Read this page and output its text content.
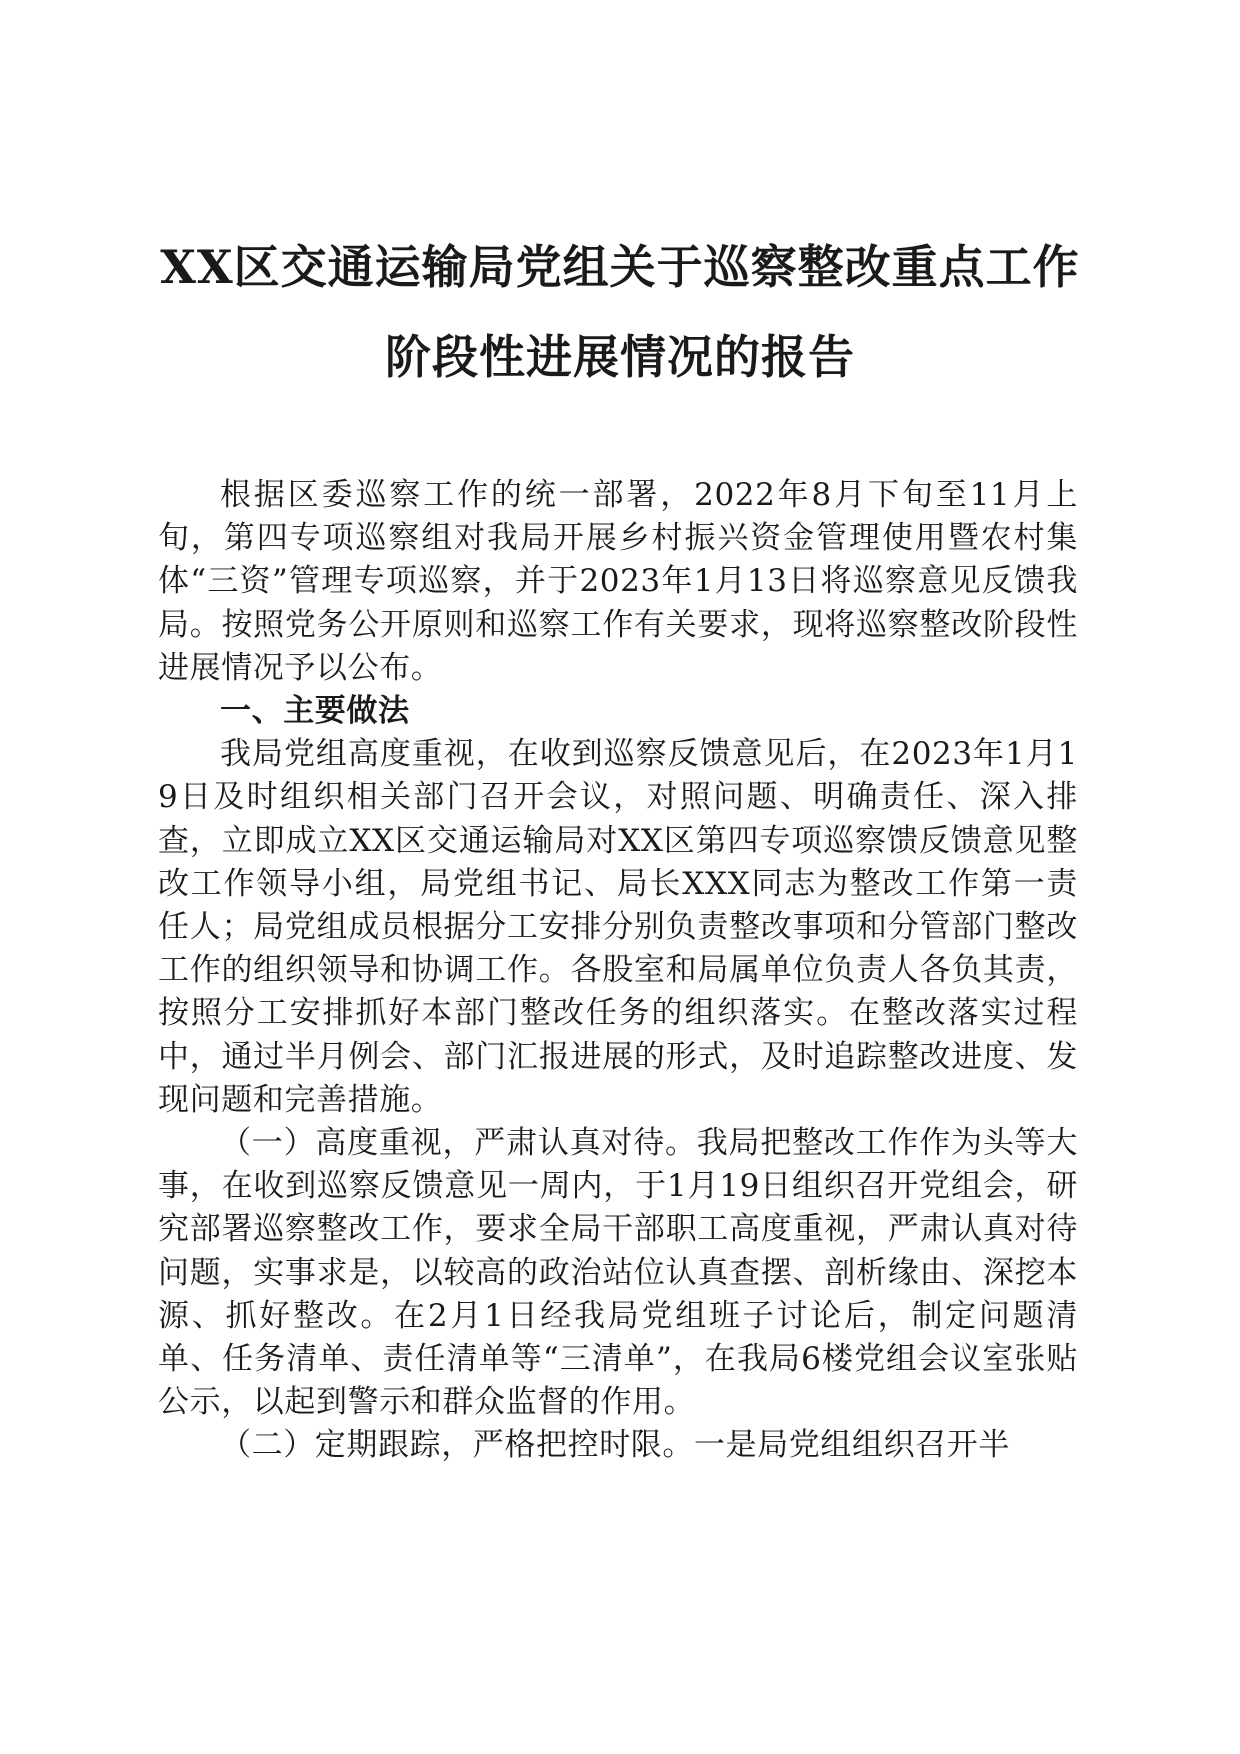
XX区交通运输局党组关于巡察整改重点工作
阶段性进展情况的报告

根据区委巡察工作的统一部署，2022年8月下旬至11月上旬，第四专项巡察组对我局开展乡村振兴资金管理使用暨农村集体“三资”管理专项巡察，并于2023年1月13日将巡察意见反馈我局。按照党务公开原则和巡察工作有关要求，现将巡察整改阶段性进展情况予以公布。

一、主要做法

我局党组高度重视，在收到巡察反馈意见后，在2023年1月19日及时组织相关部门召开会议，对照问题、明确责任、深入排查，立即成立XX区交通运输局对XX区第四专项巡察馈反馈意见整改工作领导小组，局党组书记、局长XXX同志为整改工作第一责任人；局党组成员根据分工安排分别负责整改事项和分管部门整改工作的组织领导和协调工作。各股室和局属单位负责人各负其责，按照分工安排抓好本部门整改任务的组织落实。在整改落实过程中，通过半月例会、部门汇报进展的形式，及时追踪整改进度、发现问题和完善措施。

（一）高度重视，严肃认真对待。我局把整改工作作为头等大事，在收到巡察反馈意见一周内，于1月19日组织召开党组会，研究部署巡察整改工作，要求全局干部职工高度重视，严肃认真对待问题，实事求是，以较高的政治站位认真查摆、剖析缘由、深挖本源、抓好整改。在2月1日经我局党组班子讨论后，制定问题清单、任务清单、责任清单等“三清单”，在我局6楼党组会议室张贴公示，以起到警示和群众监督的作用。

（二）定期跟踪，严格把控时限。一是局党组组织召开半
